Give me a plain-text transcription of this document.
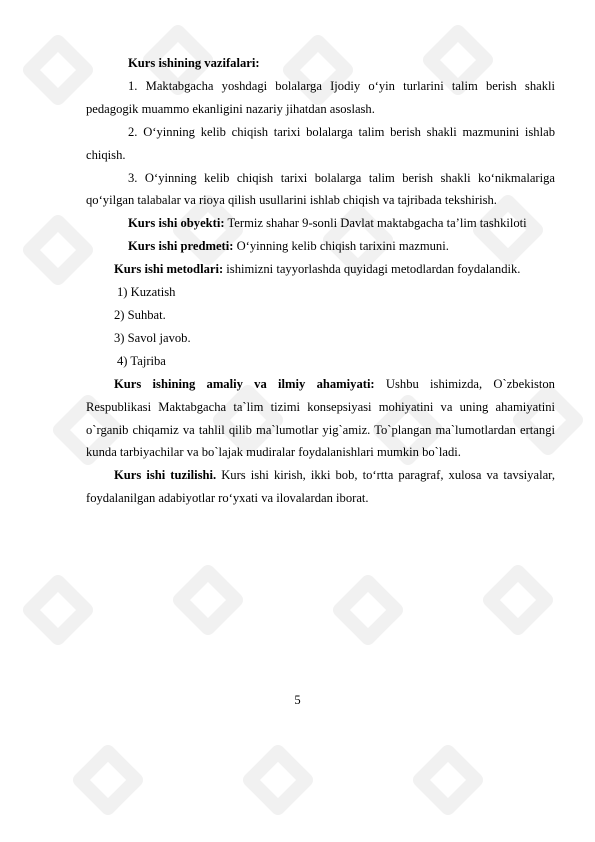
Kurs ishining vazifalari:

1. Maktabgacha yoshdagi bolalarga Ijodiy o‘yin turlarini talim berish shakli pedagogik muammo ekanligini nazariy jihatdan asoslash.

2. O‘yinning kelib chiqish tarixi bolalarga talim berish shakli mazmunini ishlab chiqish.

3. O‘yinning kelib chiqish tarixi bolalarga talim berish shakli ko‘nikmalariga qo‘yilgan talabalar va rioya qilish usullarini ishlab chiqish va tajribada tekshirish.

Kurs ishi obyekti: Termiz shahar 9-sonli Davlat maktabgacha ta’lim tashkiloti

Kurs ishi predmeti: O‘yinning kelib chiqish tarixini mazmuni.

Kurs ishi metodlari: ishimizni tayyorlashda quyidagi metodlardan foydalandik.

1) Kuzatish

2) Suhbat.

3) Savol javob.

4) Tajriba

Kurs ishining amaliy va ilmiy ahamiyati: Ushbu ishimizda, O`zbekiston Respublikasi Maktabgacha ta`lim tizimi konsepsiyasi mohiyatini va uning ahamiyatini o`rganib chiqamiz va tahlil qilib ma`lumotlar yig`amiz. To`plangan ma`lumotlardan ertangi kunda tarbiyachilar va bo`lajak mudiralar foydalanishlari mumkin bo`ladi.

Kurs ishi tuzilishi. Kurs ishi kirish, ikki bob, to‘rtta paragraf, xulosa va tavsiyalar, foydalanilgan adabiyotlar ro‘yxati va ilovalardan iborat.

5
